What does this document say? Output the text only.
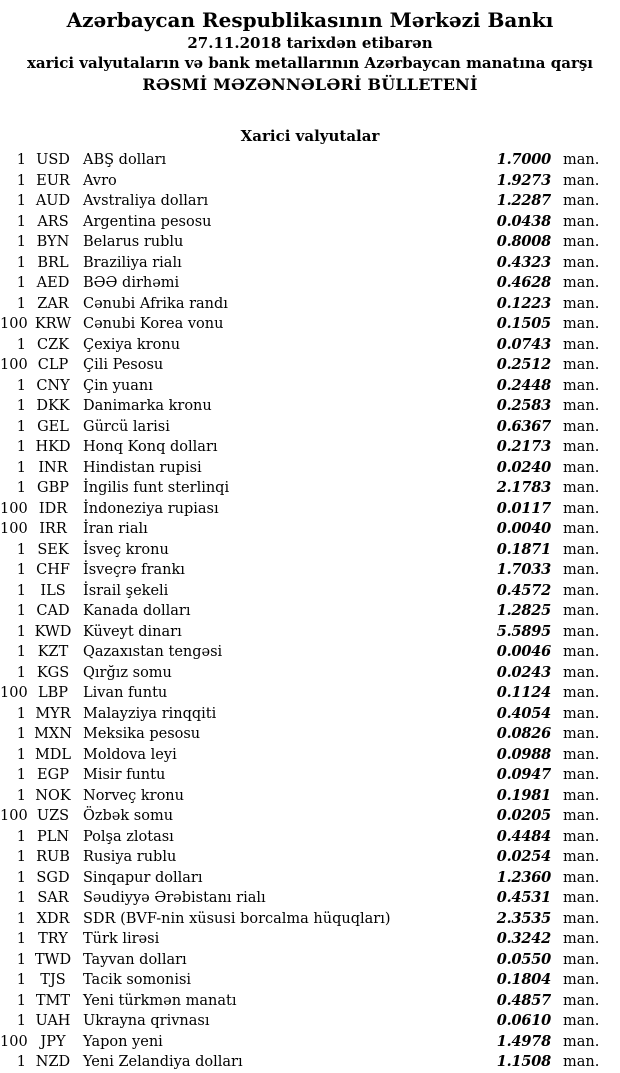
Azərbaycan Respublikasının Mərkəzi Bankı
27.11.2018 tarixdən etibarən
xarici valyutaların və bank metallarının Azərbaycan manatına qarşı
RƏSMİ MƏZƏNNƏLƏRİ BÜLLETENİ
Xarici valyutalar
1 USD ABŞ dolları	1.7000 man.
1 EUR Avro	1.9273 man.
1 AUD Avstraliya dolları	1.2287 man.
1 ARS Argentina pesosu	0.0438 man.
1 BYN Belarus rublu	0.8008 man.
1 BRL Braziliya rialı	0.4323 man.
1 AED BƏƏ dirhəmi	0.4628 man.
1 ZAR Cənubi Afrika randı	0.1223 man.
100 KRW Cənubi Korea vonu	0.1505 man.
1 CZK Çexiya kronu	0.0743 man.
100 CLP	Çili Pesosu	0.2512 man.
1 CNY Çin yuanı	0.2448 man.
1 DKK Danimarka kronu	0.2583 man.
1 GEL Gürcü larisi	0.6367 man.
1 HKD Honq Konq dolları	0.2173 man.
1 INR	Hindistan rupisi	0.0240 man.
1 GBP İngilis funt sterlinqi	2.1783 man.
100 IDR	İndoneziya rupiası	0.0117 man.
100 IRR	İran rialı	0.0040 man.
1 SEK İsveç kronu	0.1871 man.
1 CHF İsveçrə frankı	1.7033 man.
1 ILS	İsrail şekeli	0.4572 man.
1 CAD Kanada dolları	1.2825 man.
1 KWD Küveyt dinarı	5.5895 man.
1 KZT	Qazaxıstan tengəsi	0.0046 man.
1 KGS Qırğız somu	0.0243 man.
100 LBP	Livan funtu	0.1124 man.
1 MYR Malayziya rinqqiti	0.4054 man.
1 MXN Meksika pesosu	0.0826 man.
1 MDL Moldova leyi	0.0988 man.
1 EGP Misir funtu	0.0947 man.
1 NOK Norveç kronu	0.1981 man.
100 UZS Özbək somu	0.0205 man.
1 PLN Polşa zlotası	0.4484 man.
1 RUB Rusiya rublu	0.0254 man.
1 SGD Sinqapur dolları	1.2360 man.
1 SAR Səudiyyə Ərəbistanı rialı	0.4531 man.
1 XDR SDR (BVF-nin xüsusi borcalma hüquqları)	2.3535 man.
1 TRY	Türk lirəsi	0.3242 man.
1 TWD Tayvan dolları	0.0550 man.
1 TJS	Tacik somonisi	0.1804 man.
1 TMT Yeni türkmən manatı	0.4857 man.
1 UAH Ukrayna qrivnası	0.0610 man.
100 JPY	Yapon yeni	1.4978 man.
1 NZD Yeni Zelandiya dolları	1.1508 man.
